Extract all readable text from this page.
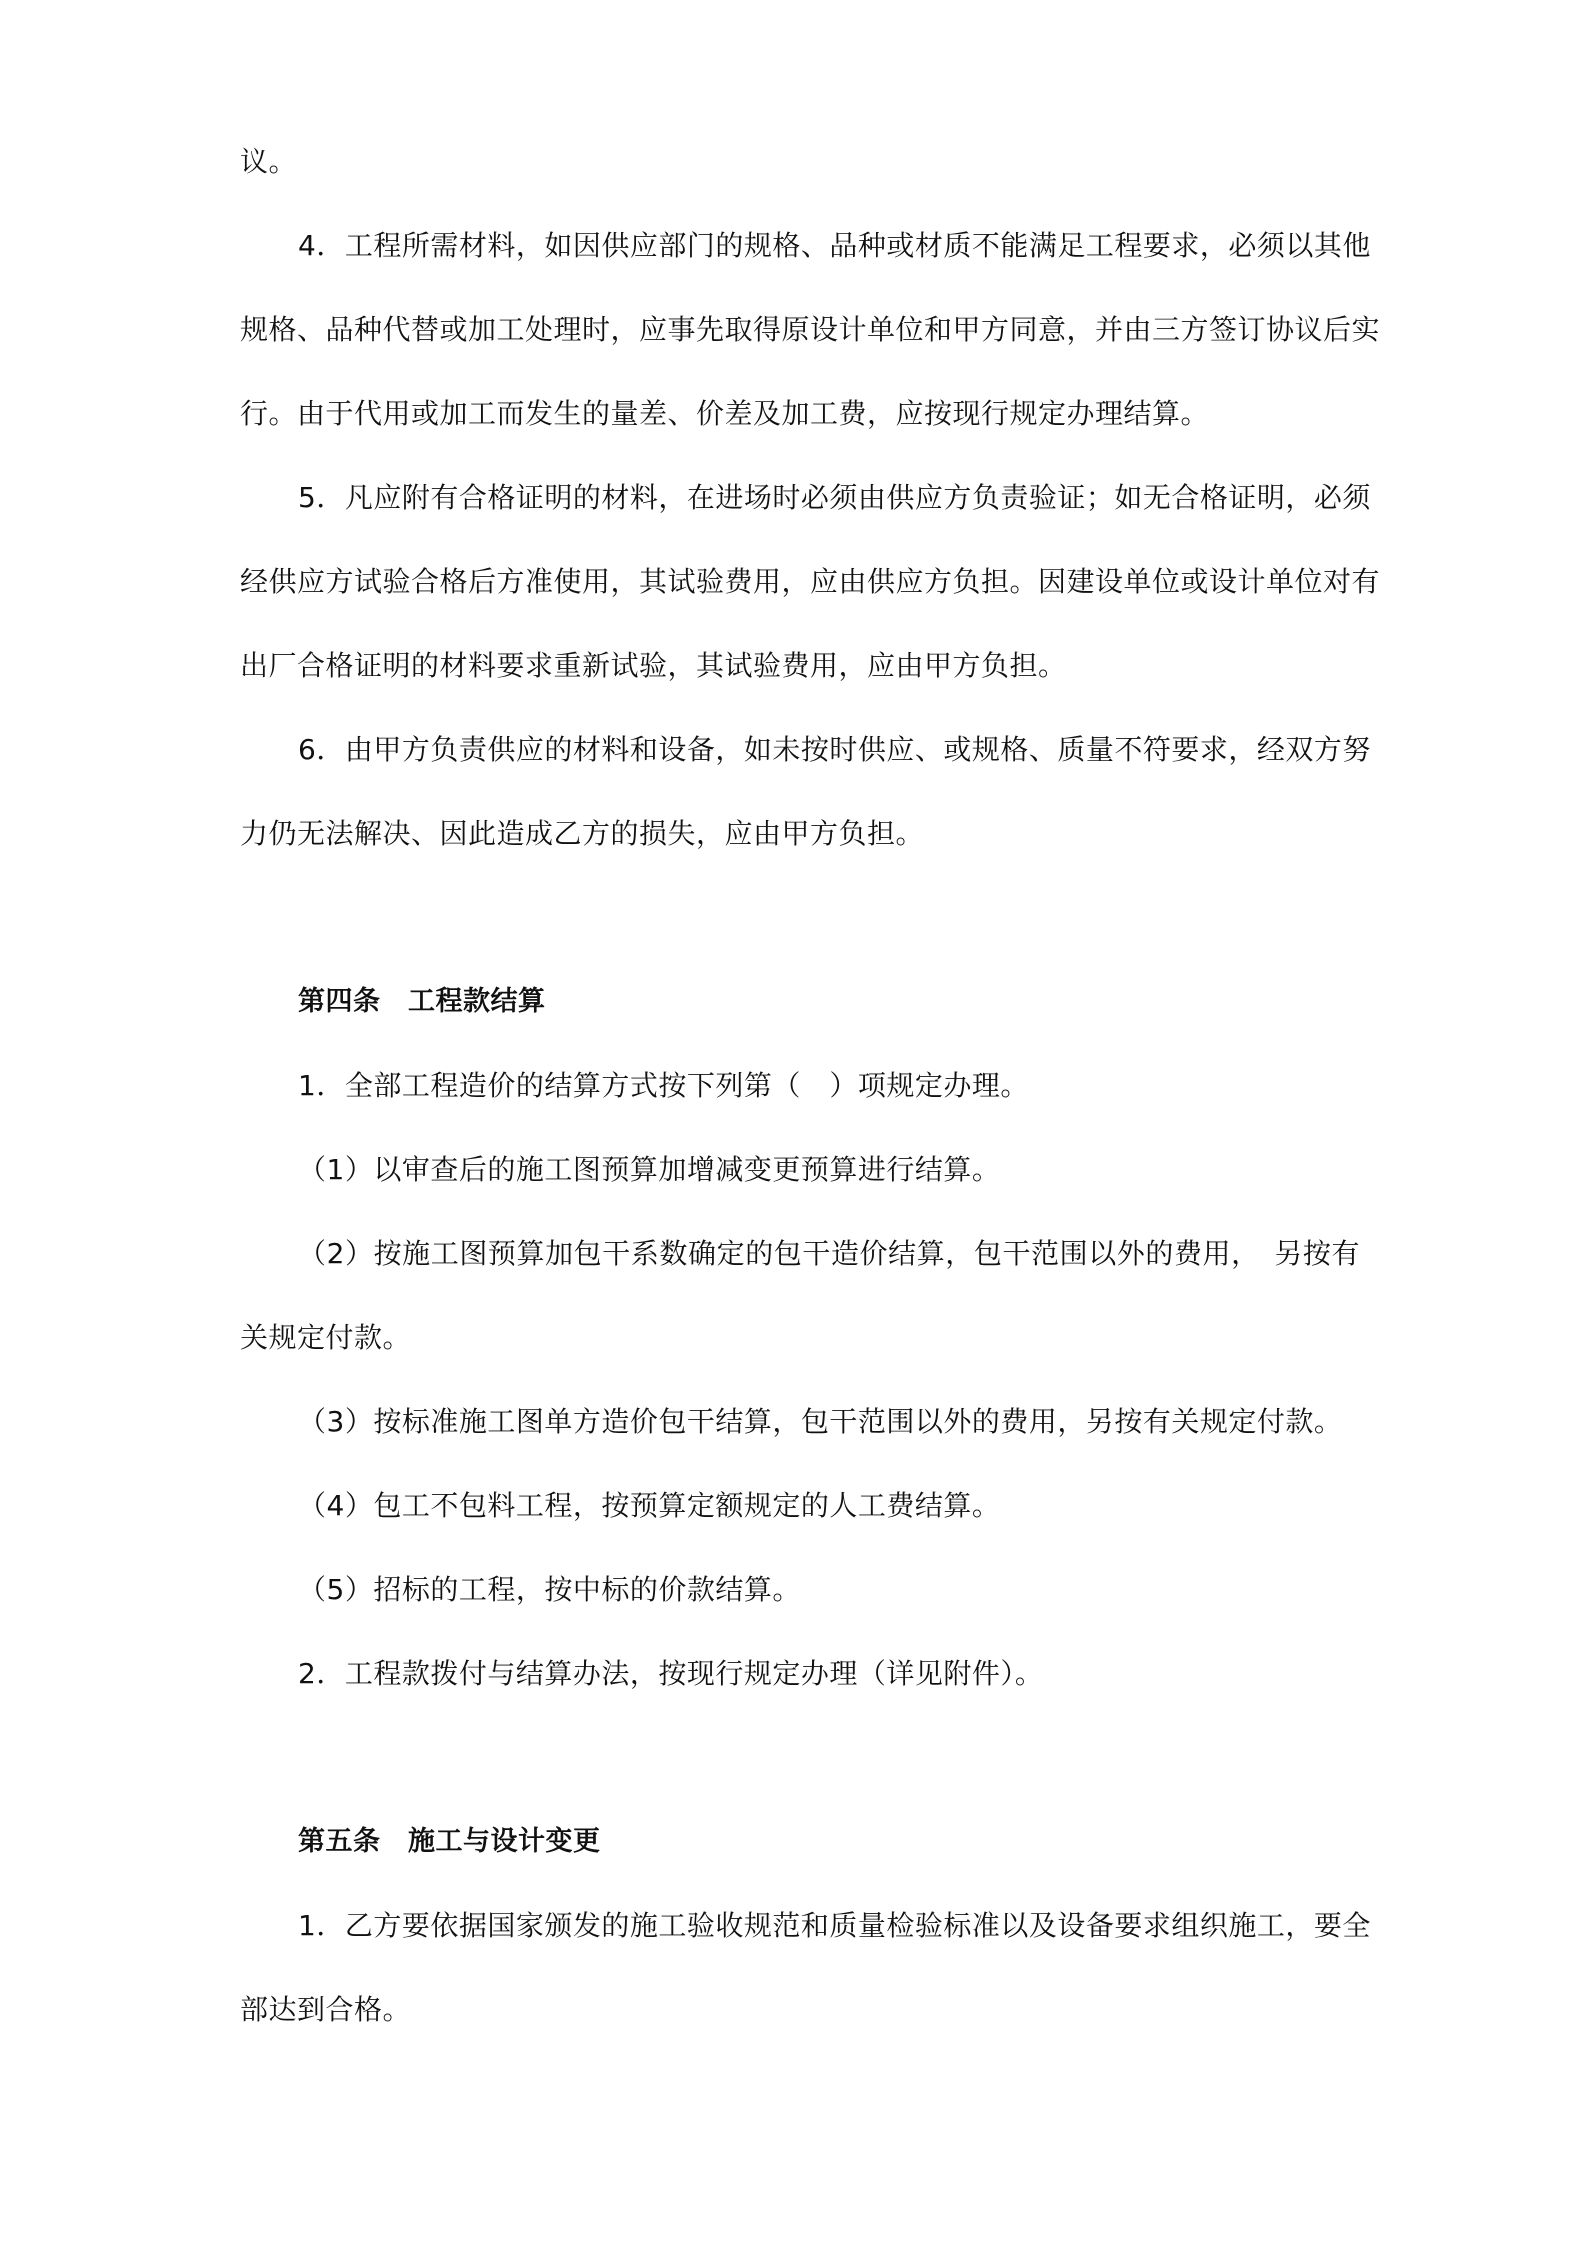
议。
4．工程所需材料，如因供应部门的规格、品种或材质不能满足工程要求，必须以其他
规格、品种代替或加工处理时，应事先取得原设计单位和甲方同意，并由三方签订协议后实
行。由于代用或加工而发生的量差、价差及加工费，应按现行规定办理结算。
5．凡应附有合格证明的材料，在进场时必须由供应方负责验证；如无合格证明，必须
经供应方试验合格后方准使用，其试验费用，应由供应方负担。因建设单位或设计单位对有
出厂合格证明的材料要求重新试验，其试验费用，应由甲方负担。
6．由甲方负责供应的材料和设备，如未按时供应、或规格、质量不符要求，经双方努
力仍无法解决、因此造成乙方的损失，应由甲方负担。
第四条　工程款结算
1．全部工程造价的结算方式按下列第（　）项规定办理。
（1）以审查后的施工图预算加增减变更预算进行结算。
（2）按施工图预算加包干系数确定的包干造价结算，包干范围以外的费用，　另按有
关规定付款。
（3）按标准施工图单方造价包干结算，包干范围以外的费用，另按有关规定付款。
（4）包工不包料工程，按预算定额规定的人工费结算。
（5）招标的工程，按中标的价款结算。
2．工程款拨付与结算办法，按现行规定办理（详见附件）。
第五条　施工与设计变更
1．乙方要依据国家颁发的施工验收规范和质量检验标准以及设备要求组织施工，要全
部达到合格。
